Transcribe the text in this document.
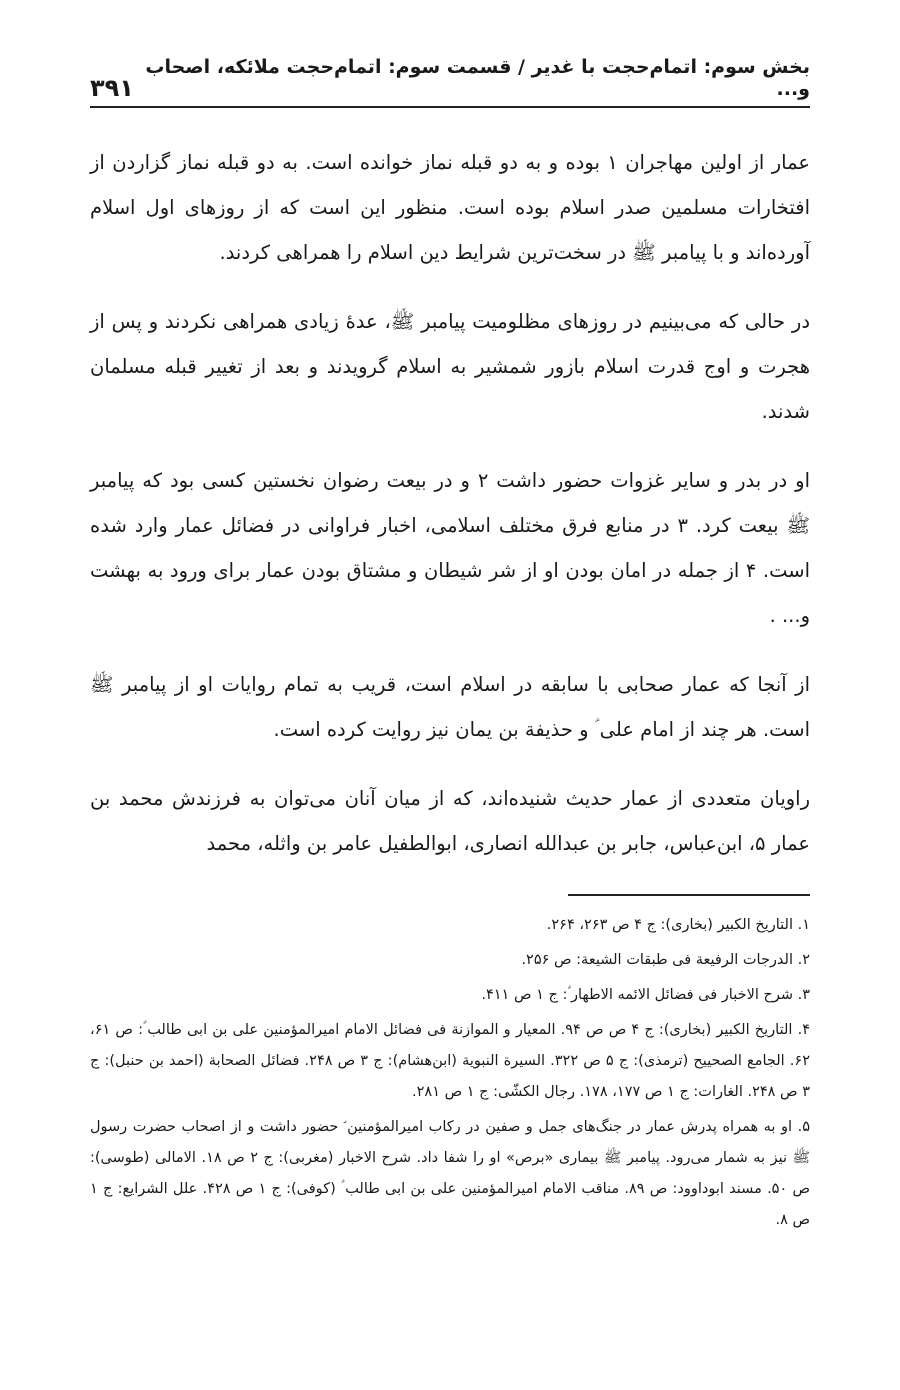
۳۹۱
بخش سوم: اتمام‌حجت با غدیر / قسمت سوم: اتمام‌حجت ملائکه، اصحاب و...

عمار از اولین مهاجران ۱ بوده و به دو قبله نماز خوانده است. به دو قبله نماز گزاردن از افتخارات مسلمین صدر اسلام بوده است. منظور این است که از روزهای اول اسلام آورده‌اند و با پیامبر ﷺ در سخت‌ترین شرایط دین اسلام را همراهی کردند.

در حالی که می‌بینیم در روزهای مظلومیت پیامبر ﷺ، عدهٔ زیادی همراهی نکردند و پس از هجرت و اوج قدرت اسلام بازور شمشیر به اسلام گرویدند و بعد از تغییر قبله مسلمان شدند.

او در بدر و سایر غزوات حضور داشت ۲ و در بیعت رضوان نخستین کسی بود که پیامبر ﷺ بیعت کرد. ۳ در منابع فرق مختلف اسلامی، اخبار فراوانی در فضائل عمار وارد شده است. ۴ از جمله در امان بودن او از شر شیطان و مشتاق بودن عمار برای ورود به بهشت و... .

از آنجا که عمار صحابی با سابقه در اسلام است، قریب به تمام روایات او از پیامبر ﷺ است. هر چند از امام علی ؑ و حذیفة بن یمان نیز روایت کرده است.

راویان متعددی از عمار حدیث شنیده‌اند، که از میان آنان می‌توان به فرزندش محمد بن عمار ۵، ابن‌عباس، جابر بن عبدالله انصاری، ابوالطفیل عامر بن واثله، محمد

۱. التاریخ الکبیر (بخاری): ج ۴ ص ۲۶۳، ۲۶۴.

۲. الدرجات الرفیعة فی طبقات الشیعة: ص ۲۵۶.

۳. شرح الاخبار فی فضائل الائمه الاطهار ؑ: ج ۱ ص ۴۱۱.

۴. التاریخ الکبیر (بخاری): ج ۴ ص ص ۹۴. المعیار و الموازنة فی فضائل الامام امیرالمؤمنین علی بن ابی طالب ؑ: ص ۶۱، ۶۲. الجامع الصحییح (ترمذی): ج ۵ ص ۳۲۲. السیرة النبویة (ابن‌هشام): ج ۳ ص ۲۴۸. فضائل الصحابة (احمد بن حنبل): ج ۳ ص ۲۴۸. الغارات: ج ۱ ص ۱۷۷، ۱۷۸. رجال الکشّی: ج ۱ ص ۲۸۱.

۵. او به همراه پدرش عمار در جنگ‌های جمل و صفین در رکاب امیرالمؤمنین ؑ حضور داشت و از اصحاب حضرت رسول ﷺ نیز به شمار می‌رود. پیامبر ﷺ بیماری «برص» او را شفا داد. شرح الاخبار (مغربی): ج ۲ ص ۱۸. الامالی (طوسی): ص ۵۰. مسند ابوداوود: ص ۸۹. مناقب الامام امیرالمؤمنین علی بن ابی طالب ؑ (کوفی): ج ۱ ص ۴۲۸. علل الشرایع: ج ۱ ص ۸.
